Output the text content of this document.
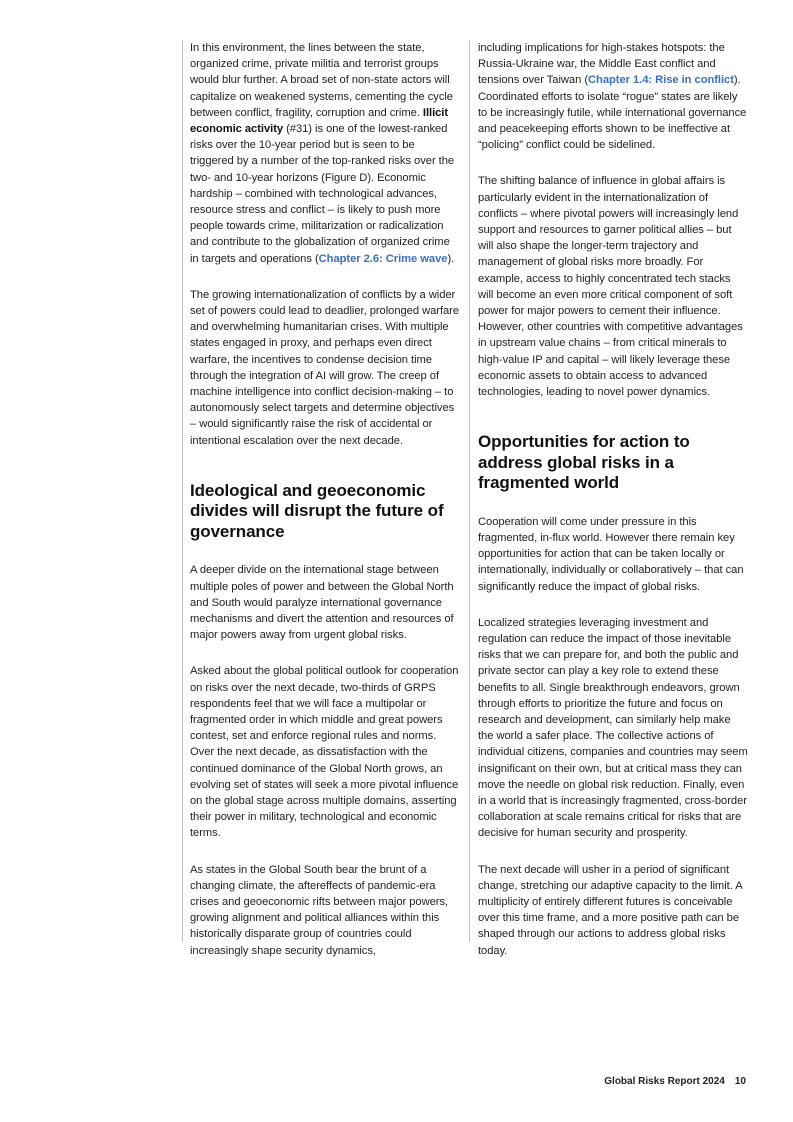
In this environment, the lines between the state, organized crime, private militia and terrorist groups would blur further. A broad set of non-state actors will capitalize on weakened systems, cementing the cycle between conflict, fragility, corruption and crime. Illicit economic activity (#31) is one of the lowest-ranked risks over the 10-year period but is seen to be triggered by a number of the top-ranked risks over the two- and 10-year horizons (Figure D). Economic hardship – combined with technological advances, resource stress and conflict – is likely to push more people towards crime, militarization or radicalization and contribute to the globalization of organized crime in targets and operations (Chapter 2.6: Crime wave).

The growing internationalization of conflicts by a wider set of powers could lead to deadlier, prolonged warfare and overwhelming humanitarian crises. With multiple states engaged in proxy, and perhaps even direct warfare, the incentives to condense decision time through the integration of AI will grow. The creep of machine intelligence into conflict decision-making – to autonomously select targets and determine objectives – would significantly raise the risk of accidental or intentional escalation over the next decade.

Ideological and geoeconomic divides will disrupt the future of governance

A deeper divide on the international stage between multiple poles of power and between the Global North and South would paralyze international governance mechanisms and divert the attention and resources of major powers away from urgent global risks.

Asked about the global political outlook for cooperation on risks over the next decade, two-thirds of GRPS respondents feel that we will face a multipolar or fragmented order in which middle and great powers contest, set and enforce regional rules and norms. Over the next decade, as dissatisfaction with the continued dominance of the Global North grows, an evolving set of states will seek a more pivotal influence on the global stage across multiple domains, asserting their power in military, technological and economic terms.

As states in the Global South bear the brunt of a changing climate, the aftereffects of pandemic-era crises and geoeconomic rifts between major powers, growing alignment and political alliances within this historically disparate group of countries could increasingly shape security dynamics,

including implications for high-stakes hotspots: the Russia-Ukraine war, the Middle East conflict and tensions over Taiwan (Chapter 1.4: Rise in conflict). Coordinated efforts to isolate “rogue” states are likely to be increasingly futile, while international governance and peacekeeping efforts shown to be ineffective at “policing” conflict could be sidelined.

The shifting balance of influence in global affairs is particularly evident in the internationalization of conflicts – where pivotal powers will increasingly lend support and resources to garner political allies – but will also shape the longer-term trajectory and management of global risks more broadly. For example, access to highly concentrated tech stacks will become an even more critical component of soft power for major powers to cement their influence. However, other countries with competitive advantages in upstream value chains – from critical minerals to high-value IP and capital – will likely leverage these economic assets to obtain access to advanced technologies, leading to novel power dynamics.

Opportunities for action to address global risks in a fragmented world

Cooperation will come under pressure in this fragmented, in-flux world. However there remain key opportunities for action that can be taken locally or internationally, individually or collaboratively – that can significantly reduce the impact of global risks.

Localized strategies leveraging investment and regulation can reduce the impact of those inevitable risks that we can prepare for, and both the public and private sector can play a key role to extend these benefits to all. Single breakthrough endeavors, grown through efforts to prioritize the future and focus on research and development, can similarly help make the world a safer place. The collective actions of individual citizens, companies and countries may seem insignificant on their own, but at critical mass they can move the needle on global risk reduction. Finally, even in a world that is increasingly fragmented, cross-border collaboration at scale remains critical for risks that are decisive for human security and prosperity.

The next decade will usher in a period of significant change, stretching our adaptive capacity to the limit. A multiplicity of entirely different futures is conceivable over this time frame, and a more positive path can be shaped through our actions to address global risks today.

Global Risks Report 2024 10
